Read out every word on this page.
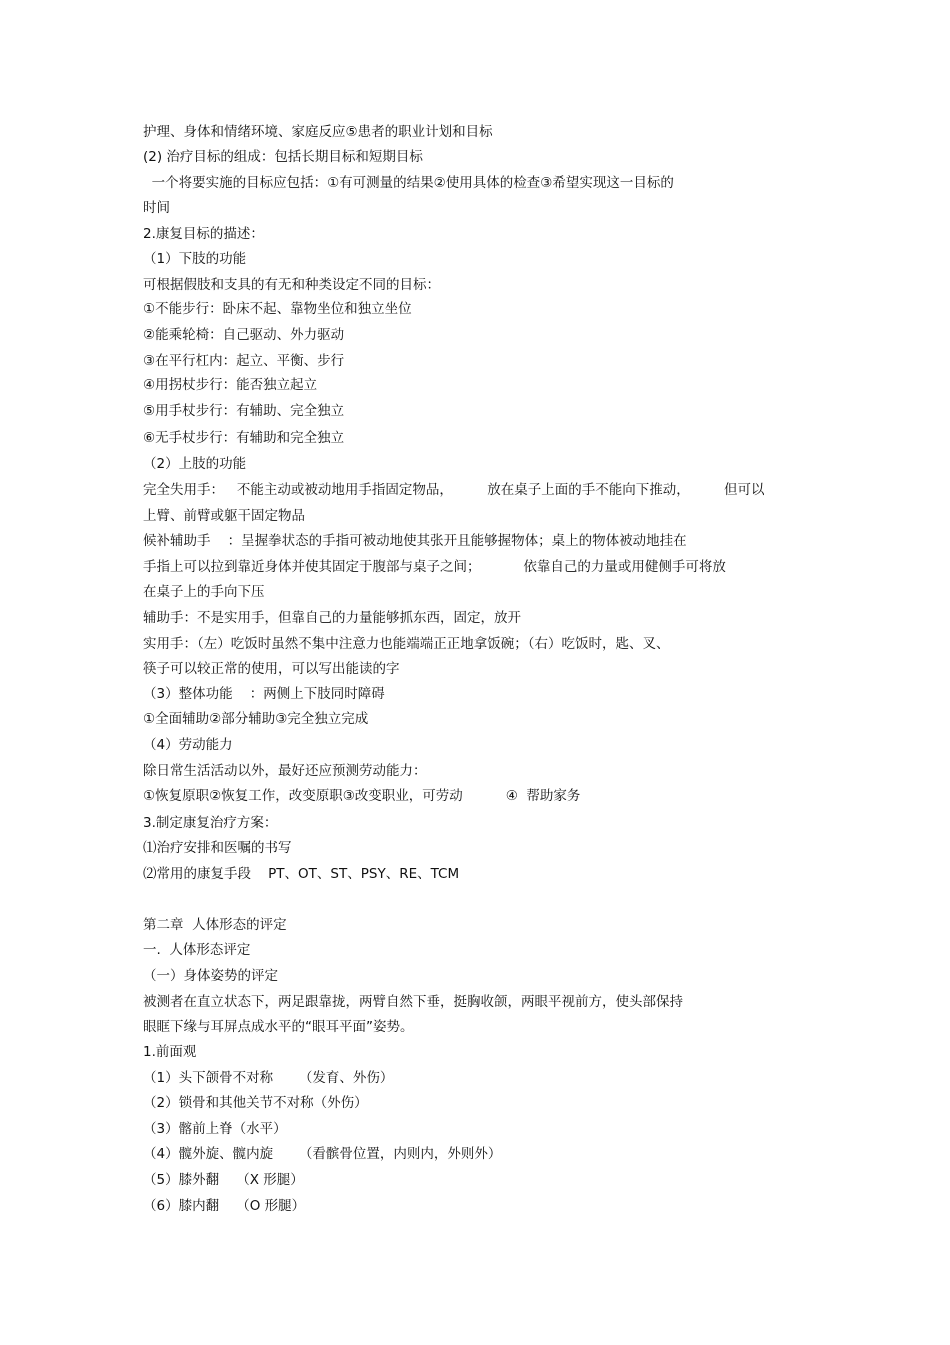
护理、身体和情绪环境、家庭反应⑤患者的职业计划和目标
(2) 治疗目标的组成：包括长期目标和短期目标
一个将要实施的目标应包括：①有可测量的结果②使用具体的检查③希望实现这一目标的
时间
2.康复目标的描述：
（1）下肢的功能
可根据假肢和支具的有无和种类设定不同的目标：
①不能步行：卧床不起、靠物坐位和独立坐位
②能乘轮椅：自己驱动、外力驱动
③在平行杠内：起立、平衡、步行
④用拐杖步行：能否独立起立
⑤用手杖步行：有辅助、完全独立
⑥无手杖步行：有辅助和完全独立
（2）上肢的功能
完全失用手：   不能主动或被动地用手指固定物品，        放在桌子上面的手不能向下推动，        但可以
上臂、前臂或躯干固定物品
候补辅助手    ：呈握拳状态的手指可被动地使其张开且能够握物体；桌上的物体被动地挂在
手指上可以拉到靠近身体并使其固定于腹部与桌子之间；          依靠自己的力量或用健侧手可将放
在桌子上的手向下压
辅助手：不是实用手，但靠自己的力量能够抓东西，固定，放开
实用手：（左）吃饭时虽然不集中注意力也能端端正正地拿饭碗；（右）吃饭时，匙、叉、
筷子可以较正常的使用，可以写出能读的字
（3）整体功能    ：两侧上下肢同时障碍
①全面辅助②部分辅助③完全独立完成
（4）劳动能力
除日常生活活动以外，最好还应预测劳动能力：
①恢复原职②恢复工作，改变原职③改变职业，可劳动          ④  帮助家务
3.制定康复治疗方案：
⑴治疗安排和医嘱的书写
⑵常用的康复手段    PT、OT、ST、PSY、RE、TCM
第二章  人体形态的评定
一.  人体形态评定
（一）身体姿势的评定
被测者在直立状态下，两足跟靠拢，两臂自然下垂，挺胸收颌，两眼平视前方，使头部保持
眼眶下缘与耳屏点成水平的“眼耳平面”姿势。
1.前面观
（1）头下颌骨不对称      （发育、外伤）
（2）锁骨和其他关节不对称（外伤）
（3）髂前上脊（水平）
（4）髋外旋、髋内旋      （看髌骨位置，内则内，外则外）
（5）膝外翻    （X 形腿）
（6）膝内翻    （O 形腿）
